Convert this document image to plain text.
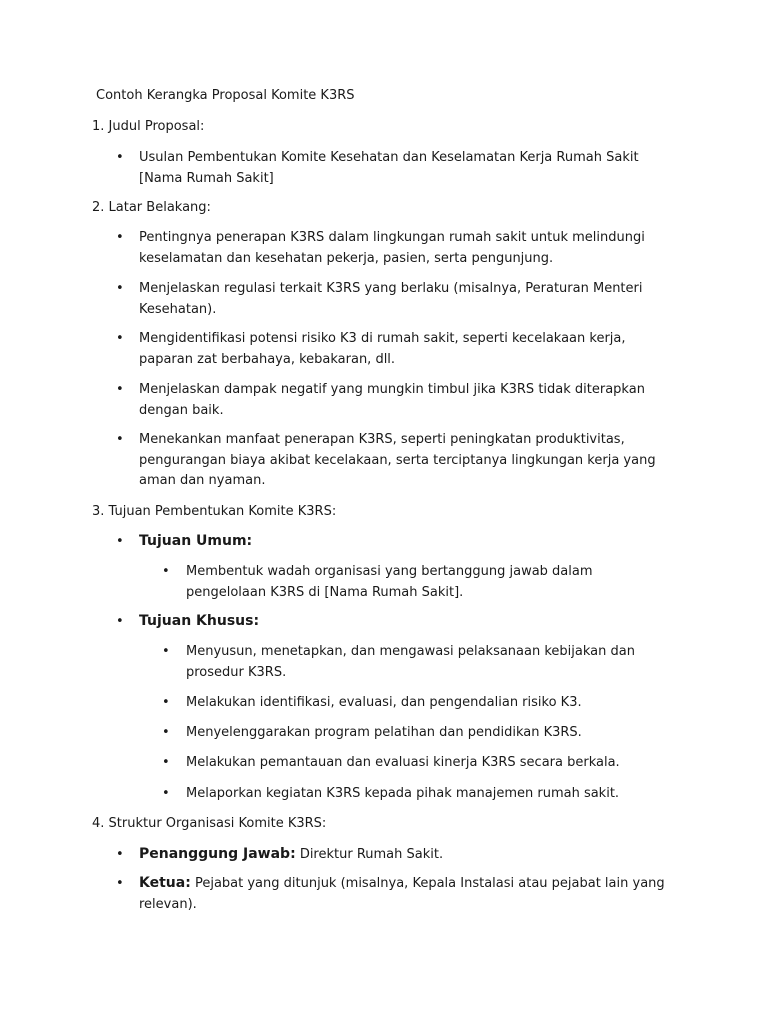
Contoh Kerangka Proposal Komite K3RS
1. Judul Proposal:
• Usulan Pembentukan Komite Kesehatan dan Keselamatan Kerja Rumah Sakit [Nama Rumah Sakit]
2. Latar Belakang:
• Pentingnya penerapan K3RS dalam lingkungan rumah sakit untuk melindungi keselamatan dan kesehatan pekerja, pasien, serta pengunjung.
• Menjelaskan regulasi terkait K3RS yang berlaku (misalnya, Peraturan Menteri Kesehatan).
• Mengidentifikasi potensi risiko K3 di rumah sakit, seperti kecelakaan kerja, paparan zat berbahaya, kebakaran, dll.
• Menjelaskan dampak negatif yang mungkin timbul jika K3RS tidak diterapkan dengan baik.
• Menekankan manfaat penerapan K3RS, seperti peningkatan produktivitas, pengurangan biaya akibat kecelakaan, serta terciptanya lingkungan kerja yang aman dan nyaman.
3. Tujuan Pembentukan Komite K3RS:
• Tujuan Umum:
• Membentuk wadah organisasi yang bertanggung jawab dalam pengelolaan K3RS di [Nama Rumah Sakit].
• Tujuan Khusus:
• Menyusun, menetapkan, dan mengawasi pelaksanaan kebijakan dan prosedur K3RS.
• Melakukan identifikasi, evaluasi, dan pengendalian risiko K3.
• Menyelenggarakan program pelatihan dan pendidikan K3RS.
• Melakukan pemantauan dan evaluasi kinerja K3RS secara berkala.
• Melaporkan kegiatan K3RS kepada pihak manajemen rumah sakit.
4. Struktur Organisasi Komite K3RS:
• Penanggung Jawab: Direktur Rumah Sakit.
• Ketua: Pejabat yang ditunjuk (misalnya, Kepala Instalasi atau pejabat lain yang relevan).
